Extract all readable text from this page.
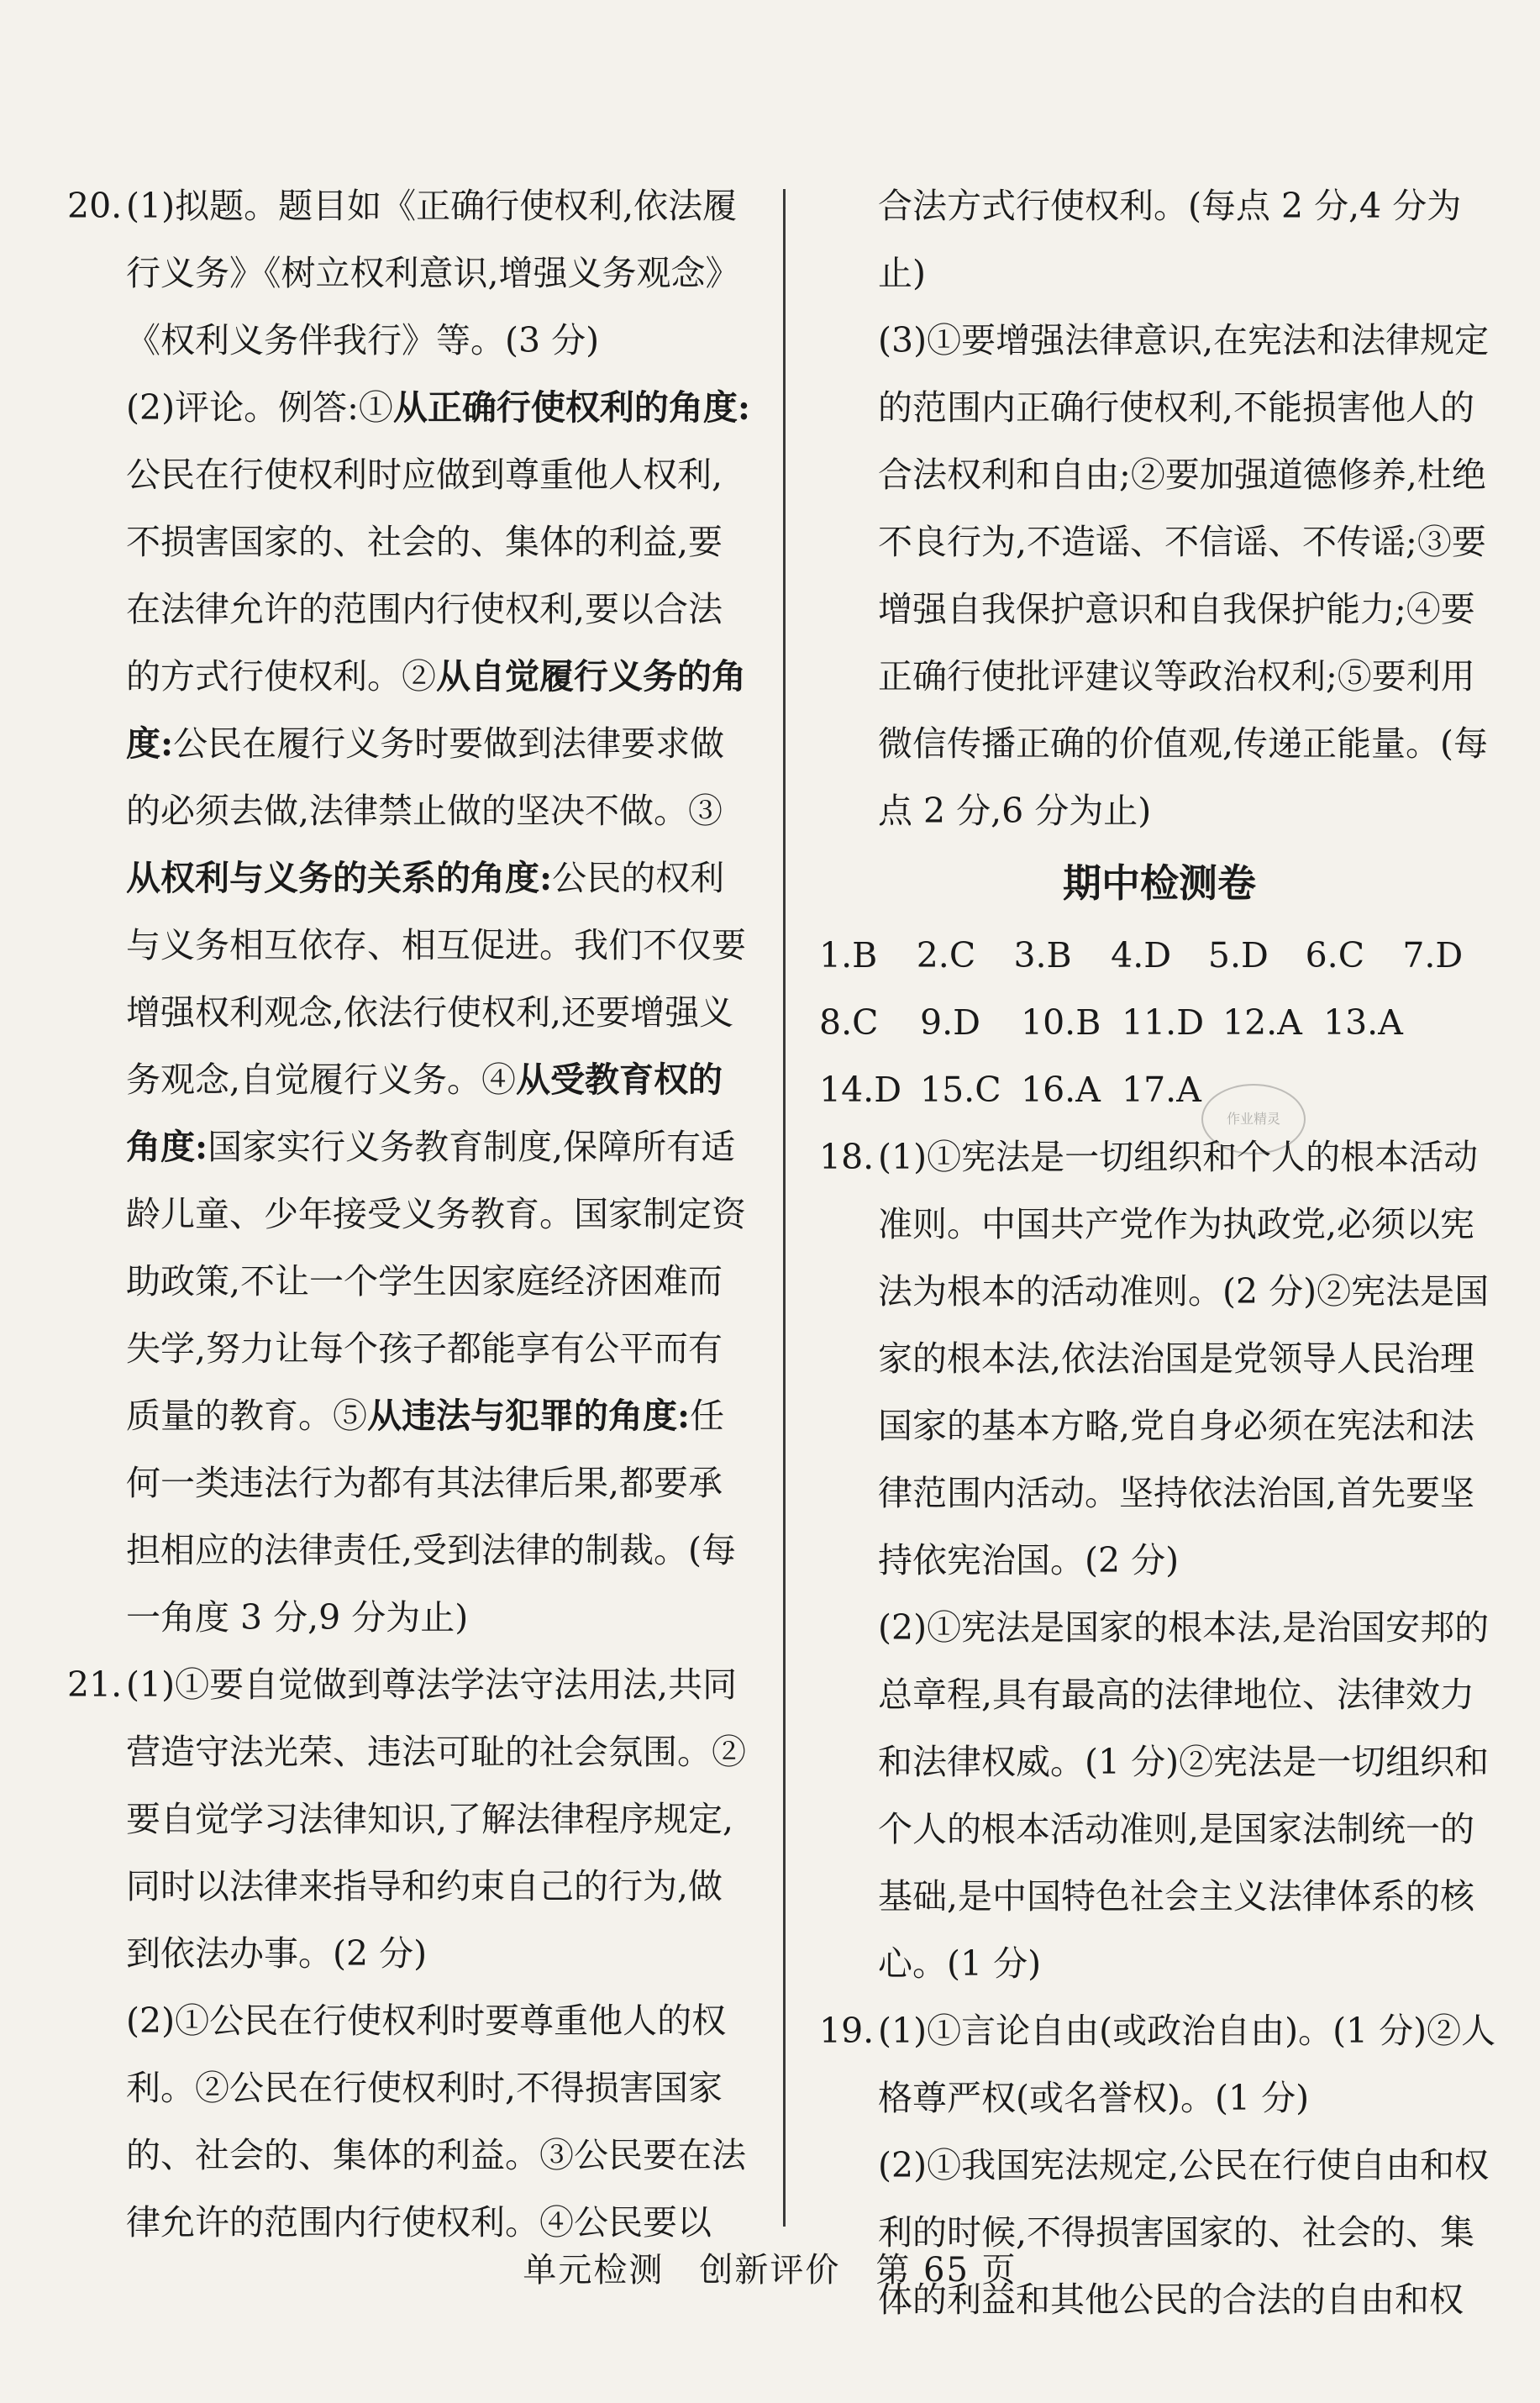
20. (1)拟题。题目如《正确行使权利,依法履行义务》《树立权利意识,增强义务观念》《权利义务伴我行》等。(3 分)

(2)评论。例答:①从正确行使权利的角度:公民在行使权利时应做到尊重他人权利,不损害国家的、社会的、集体的利益,要在法律允许的范围内行使权利,要以合法的方式行使权利。②从自觉履行义务的角度:公民在履行义务时要做到法律要求做的必须去做,法律禁止做的坚决不做。③从权利与义务的关系的角度:公民的权利与义务相互依存、相互促进。我们不仅要增强权利观念,依法行使权利,还要增强义务观念,自觉履行义务。④从受教育权的角度:国家实行义务教育制度,保障所有适龄儿童、少年接受义务教育。国家制定资助政策,不让一个学生因家庭经济困难而失学,努力让每个孩子都能享有公平而有质量的教育。⑤从违法与犯罪的角度:任何一类违法行为都有其法律后果,都要承担相应的法律责任,受到法律的制裁。(每一角度 3 分,9 分为止)

21. (1)①要自觉做到尊法学法守法用法,共同营造守法光荣、违法可耻的社会氛围。②要自觉学习法律知识,了解法律程序规定,同时以法律来指导和约束自己的行为,做到依法办事。(2 分)

(2)①公民在行使权利时要尊重他人的权利。②公民在行使权利时,不得损害国家的、社会的、集体的利益。③公民要在法律允许的范围内行使权利。④公民要以

合法方式行使权利。(每点 2 分,4 分为止)

(3)①要增强法律意识,在宪法和法律规定的范围内正确行使权利,不能损害他人的合法权利和自由;②要加强道德修养,杜绝不良行为,不造谣、不信谣、不传谣;③要增强自我保护意识和自我保护能力;④要正确行使批评建议等政治权利;⑤要利用微信传播正确的价值观,传递正能量。(每点 2 分,6 分为止)

期中检测卷
1.B	2.C	3.B	4.D	5.D	6.C	7.D
8.C	9.D	10.B 11.D 12.A 13.A
14.D 15.C 16.A 17.A
18. (1)①宪法是一切组织和个人的根本活动准则。中国共产党作为执政党,必须以宪法为根本的活动准则。(2 分)②宪法是国家的根本法,依法治国是党领导人民治理国家的基本方略,党自身必须在宪法和法律范围内活动。坚持依法治国,首先要坚持依宪治国。(2 分)

(2)①宪法是国家的根本法,是治国安邦的总章程,具有最高的法律地位、法律效力和法律权威。(1 分)②宪法是一切组织和个人的根本活动准则,是国家法制统一的基础,是中国特色社会主义法律体系的核心。(1 分)

19. (1)①言论自由(或政治自由)。(1 分)②人格尊严权(或名誉权)。(1 分)

(2)①我国宪法规定,公民在行使自由和权利的时候,不得损害国家的、社会的、集体的利益和其他公民的合法的自由和权

作业精灵
单元检测　创新评价　第 65 页
